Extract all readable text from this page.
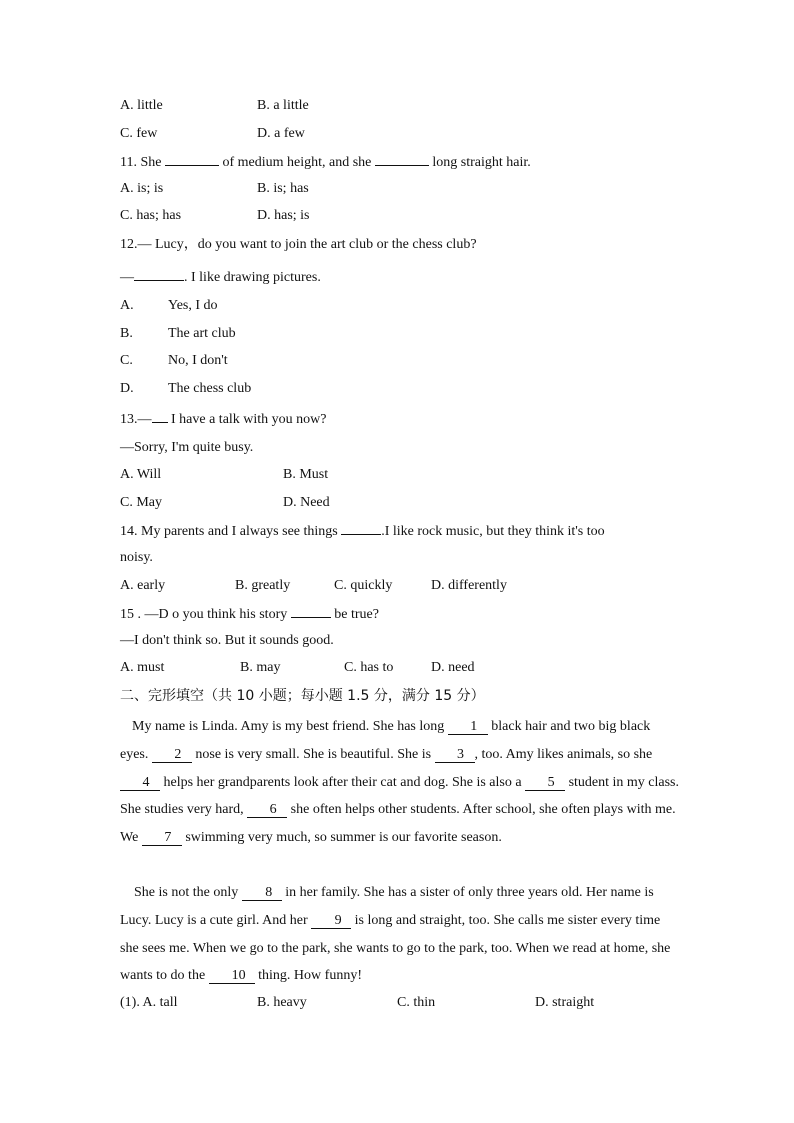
A. little	B. a little
C. few	D. a few
11. She	of medium height, and she	long straight hair.
A. is; is	B. is; has
C. has; has	D. has; is
12.— Lucy，do you want to join the art club or the chess club?
—	. I like drawing pictures.
A. Yes, I do
B.	The art club
C.	No, I don't
D. The chess club
13.— I have a talk with you now?
—Sorry, I'm quite busy.
A. Will	B. Must
C. May	D. Need
14. My parents and I always see things	.I like rock music, but they think it's too
noisy.
A. early	B. greatly	C. quickly	D. differently
15 . —D o you think his story	be true?
—I don't think so. But it sounds good.
A. must	B. may	C. has to	D. need
二、完形填空（共 10 小题；每小题 1.5 分，满分 15 分）
My name is Linda. Amy is my best friend. She has long 1 black hair and two big black eyes. 2 nose is very small. She is beautiful. She is 3 , too. Amy likes animals, so she 4 helps her grandparents look after their cat and dog. She is also a 5 student in my class. She studies very hard, 6 she often helps other students. After school, she often plays with me. We 7 swimming very much, so summer is our favorite season.
She is not the only 8 in her family. She has a sister of only three years old. Her name is Lucy. Lucy is a cute girl. And her 9 is long and straight, too. She calls me sister every time she sees me. When we go to the park, she wants to go to the park, too. When we read at home, she wants to do the 10 thing. How funny!
(1). A. tall	B. heavy	C. thin	D. straight
